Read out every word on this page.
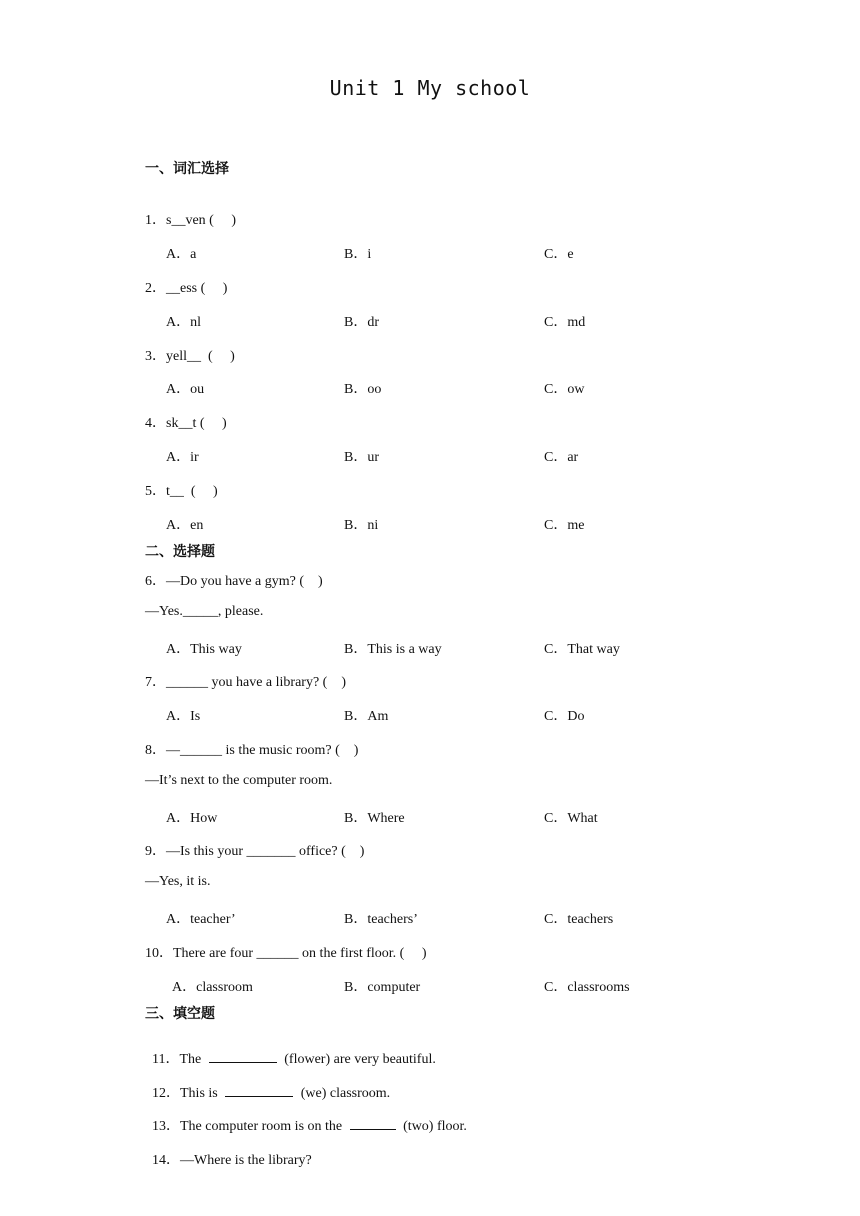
Unit 1 My school
一、词汇选择
1．s__ven (     )
A．a	B．i	C．e
2．__ess (     )
A．nl	B．dr	C．md
3．yell__  (     )
A．ou	B．oo	C．ow
4．sk__t (     )
A．ir	B．ur	C．ar
5．t__  (     )
A．en	B．ni	C．me
二、选择题
6．—Do you have a gym? (    )
—Yes._____, please.
A．This way	B．This is a way	C．That way
7．______ you have a library? (    )
A．Is	B．Am	C．Do
8．—______ is the music room? (    )
—It’s next to the computer room.
A．How	B．Where	C．What
9．—Is this your _______ office? (    )
—Yes, it is.
A．teacher’	B．teachers’	C．teachers
10．There are four ______ on the first floor. (     )
A．classroom	B．computer	C．classrooms
三、填空题

11．The	(flower) are very beautiful.

12．This is	(we) classroom.

13．The computer room is on the	(two) floor.

14．—Where is the library?
